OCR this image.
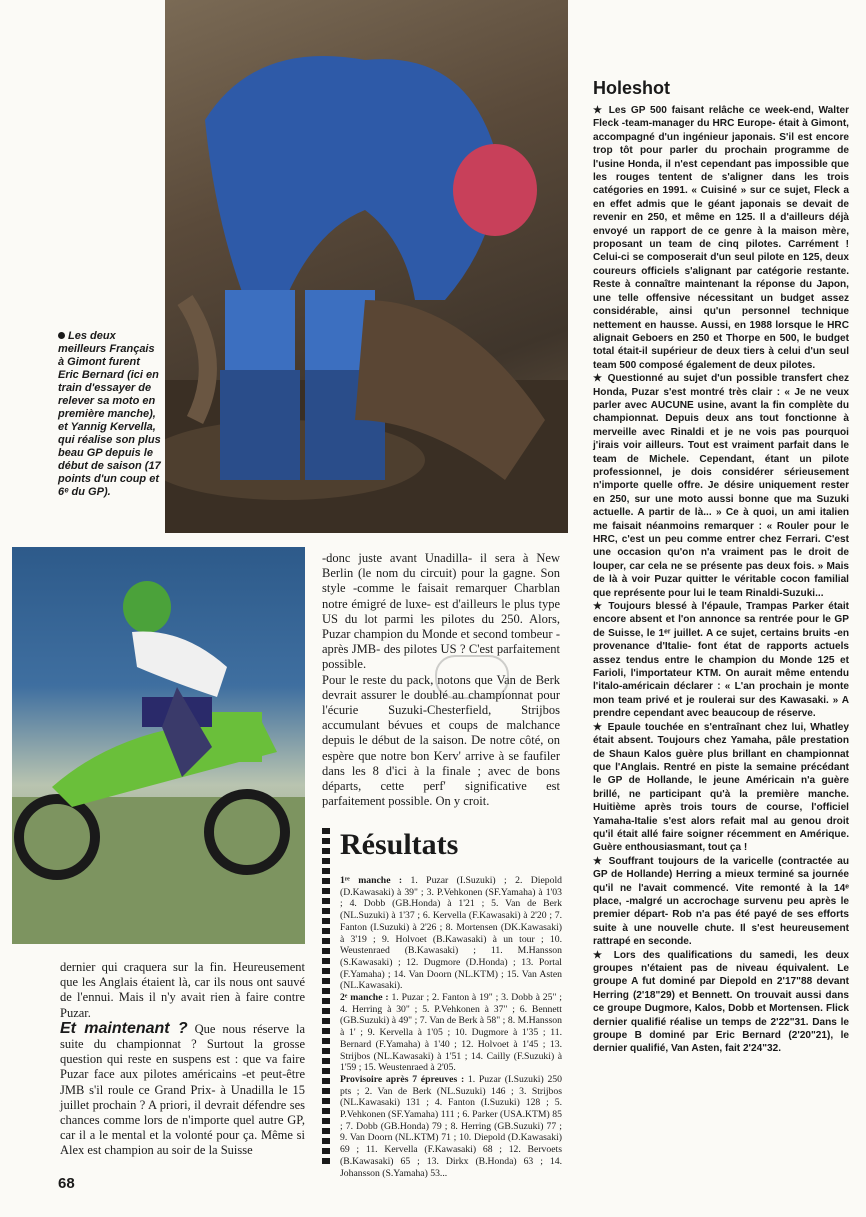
Les deux meilleurs Français à Gimont furent Eric Bernard (ici en train d'essayer de relever sa moto en première manche), et Yannig Kervella, qui réalise son plus beau GP depuis le début de saison (17 points d'un coup et 6ᵉ du GP).

-donc juste avant Unadilla- il sera à New Berlin (le nom du circuit) pour la gagne. Son style -comme le faisait remarquer Charblan notre émigré de luxe- est d'ailleurs le plus type US du lot parmi les pilotes du 250. Alors, Puzar champion du Monde et second tombeur -après JMB- des pilotes US ? C'est parfaitement possible.

Pour le reste du pack, notons que Van de Berk devrait assurer le doublé au championnat pour l'écurie Suzuki-Chesterfield, Strijbos accumulant bévues et coups de malchance depuis le début de la saison. De notre côté, on espère que notre bon Kerv' arrive à se faufiler dans les 8 d'ici à la finale ; avec de bons départs, cette perf' significative est parfaitement possible. On y croit.

dernier qui craquera sur la fin. Heureusement que les Anglais étaient là, car ils nous ont sauvé de l'ennui. Mais il n'y avait rien à faire contre Puzar.

Et maintenant ? Que nous réserve la suite du championnat ? Surtout la grosse question qui reste en suspens est : que va faire Puzar face aux pilotes américains -et peut-être JMB s'il roule ce Grand Prix- à Unadilla le 15 juillet prochain ? A priori, il devrait défendre ses chances comme lors de n'importe quel autre GP, car il a le mental et la volonté pour ça. Même si Alex est champion au soir de la Suisse

Résultats
1ʳᵉ manche : 1. Puzar (I.Suzuki) ; 2. Diepold (D.Kawasaki) à 39" ; 3. P.Vehkonen (SF.Yamaha) à 1'03 ; 4. Dobb (GB.Honda) à 1'21 ; 5. Van de Berk (NL.Suzuki) à 1'37 ; 6. Kervella (F.Kawasaki) à 2'20 ; 7. Fanton (I.Suzuki) à 2'26 ; 8. Mortensen (DK.Kawasaki) à 3'19 ; 9. Holvoet (B.Kawasaki) à un tour ; 10. Weustenraed (B.Kawasaki) ; 11. M.Hansson (S.Kawasaki) ; 12. Dugmore (D.Honda) ; 13. Portal (F.Yamaha) ; 14. Van Doorn (NL.KTM) ; 15. Van Asten (NL.Kawasaki).
2ᵉ manche : 1. Puzar ; 2. Fanton à 19" ; 3. Dobb à 25" ; 4. Herring à 30" ; 5. P.Vehkonen à 37" ; 6. Bennett (GB.Suzuki) à 49" ; 7. Van de Berk à 58" ; 8. M.Hansson à 1' ; 9. Kervella à 1'05 ; 10. Dugmore à 1'35 ; 11. Bernard (F.Yamaha) à 1'40 ; 12. Holvoet à 1'45 ; 13. Strijbos (NL.Kawasaki) à 1'51 ; 14. Cailly (F.Suzuki) à 1'59 ; 15. Weustenraed à 2'05.
Provisoire après 7 épreuves : 1. Puzar (I.Suzuki) 250 pts ; 2. Van de Berk (NL.Suzuki) 146 ; 3. Strijbos (NL.Kawasaki) 131 ; 4. Fanton (I.Suzuki) 128 ; 5. P.Vehkonen (SF.Yamaha) 111 ; 6. Parker (USA.KTM) 85 ; 7. Dobb (GB.Honda) 79 ; 8. Herring (GB.Suzuki) 77 ; 9. Van Doorn (NL.KTM) 71 ; 10. Diepold (D.Kawasaki) 69 ; 11. Kervella (F.Kawasaki) 68 ; 12. Bervoets (B.Kawasaki) 65 ; 13. Dirkx (B.Honda) 63 ; 14. Johansson (S.Yamaha) 53...
Holeshot

★ Les GP 500 faisant relâche ce week-end, Walter Fleck -team-manager du HRC Europe- était à Gimont, accompagné d'un ingénieur japonais. S'il est encore trop tôt pour parler du prochain programme de l'usine Honda, il n'est cependant pas impossible que les rouges tentent de s'aligner dans les trois catégories en 1991. « Cuisiné » sur ce sujet, Fleck a en effet admis que le géant japonais se devait de revenir en 250, et même en 125. Il a d'ailleurs déjà envoyé un rapport de ce genre à la maison mère, proposant un team de cinq pilotes. Carrément ! Celui-ci se composerait d'un seul pilote en 125, deux coureurs officiels s'alignant par catégorie restante. Reste à connaître maintenant la réponse du Japon, une telle offensive nécessitant un budget assez considérable, ainsi qu'un personnel technique nettement en hausse. Aussi, en 1988 lorsque le HRC alignait Geboers en 250 et Thorpe en 500, le budget total était-il supérieur de deux tiers à celui d'un seul team 500 composé également de deux pilotes.

★ Questionné au sujet d'un possible transfert chez Honda, Puzar s'est montré très clair : « Je ne veux parler avec AUCUNE usine, avant la fin complète du championnat. Depuis deux ans tout fonctionne à merveille avec Rinaldi et je ne vois pas pourquoi j'irais voir ailleurs. Tout est vraiment parfait dans le team de Michele. Cependant, étant un pilote professionnel, je dois considérer sérieusement n'importe quelle offre. Je désire uniquement rester en 250, sur une moto aussi bonne que ma Suzuki actuelle. A partir de là... » Ce à quoi, un ami italien me faisait néanmoins remarquer : « Rouler pour le HRC, c'est un peu comme entrer chez Ferrari. C'est une occasion qu'on n'a vraiment pas le droit de louper, car cela ne se présente pas deux fois. » Mais de là à voir Puzar quitter le véritable cocon familial que représente pour lui le team Rinaldi-Suzuki...

★ Toujours blessé à l'épaule, Trampas Parker était encore absent et l'on annonce sa rentrée pour le GP de Suisse, le 1ᵉʳ juillet. A ce sujet, certains bruits -en provenance d'Italie- font état de rapports actuels assez tendus entre le champion du Monde 125 et Farioli, l'importateur KTM. On aurait même entendu l'italo-américain déclarer : « L'an prochain je monte mon team privé et je roulerai sur des Kawasaki. » A prendre cependant avec beaucoup de réserve.

★ Epaule touchée en s'entraînant chez lui, Whatley était absent. Toujours chez Yamaha, pâle prestation de Shaun Kalos guère plus brillant en championnat que l'Anglais. Rentré en piste la semaine précédant le GP de Hollande, le jeune Américain n'a guère brillé, ne participant qu'à la première manche. Huitième après trois tours de course, l'officiel Yamaha-Italie s'est alors refait mal au genou droit qu'il était allé faire soigner récemment en Amérique. Guère enthousiasmant, tout ça !

★ Souffrant toujours de la varicelle (contractée au GP de Hollande) Herring a mieux terminé sa journée qu'il ne l'avait commencé. Vite remonté à la 14ᵉ place, -malgré un accrochage survenu peu après le premier départ- Rob n'a pas été payé de ses efforts suite à une nouvelle chute. Il s'est heureusement rattrapé en seconde.

★ Lors des qualifications du samedi, les deux groupes n'étaient pas de niveau équivalent. Le groupe A fut dominé par Diepold en 2'17"88 devant Herring (2'18"29) et Bennett. On trouvait aussi dans ce groupe Dugmore, Kalos, Dobb et Mortensen. Flick dernier qualifié réalise un temps de 2'22"31. Dans le groupe B dominé par Eric Bernard (2'20"21), le dernier qualifié, Van Asten, fait 2'24"32.

68
